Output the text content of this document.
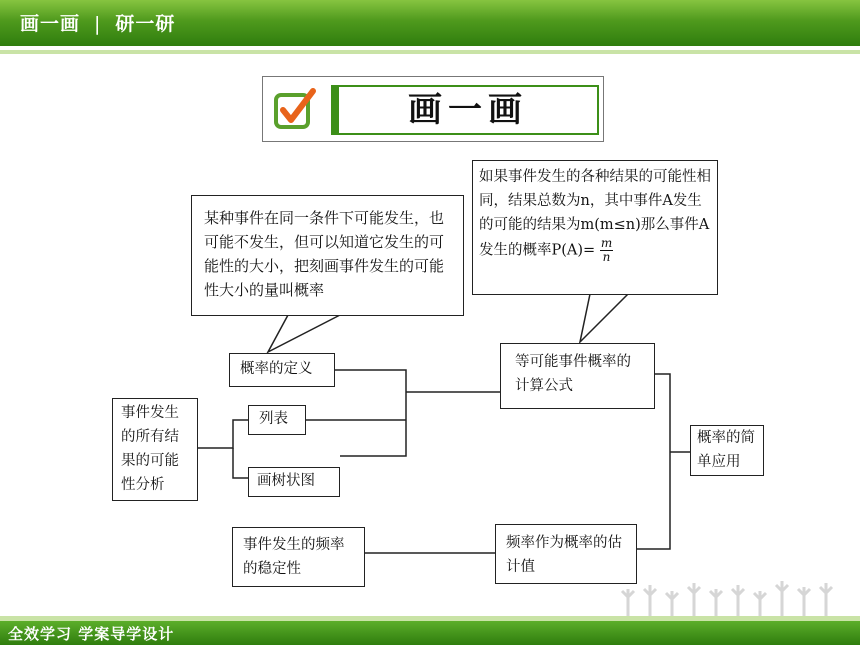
画一画 | 研一研
画一画
某种事件在同一条件下可能发生，也可能不发生，但可以知道它发生的可能性的大小，把刻画事件发生的可能性大小的量叫概率
如果事件发生的各种结果的可能性相同，结果总数为n，其中事件A发生的可能的结果为m(m≤n)那么事件A发生的概率$P(A)= \frac{m}{n}$
概率的定义	等可能事件概率的计算公式
事件发生的所有结果的可能性分析
列表
画树状图
概率的简单应用
事件发生的频率的稳定性
频率作为概率的估计值
全效学习 学案导学设计
